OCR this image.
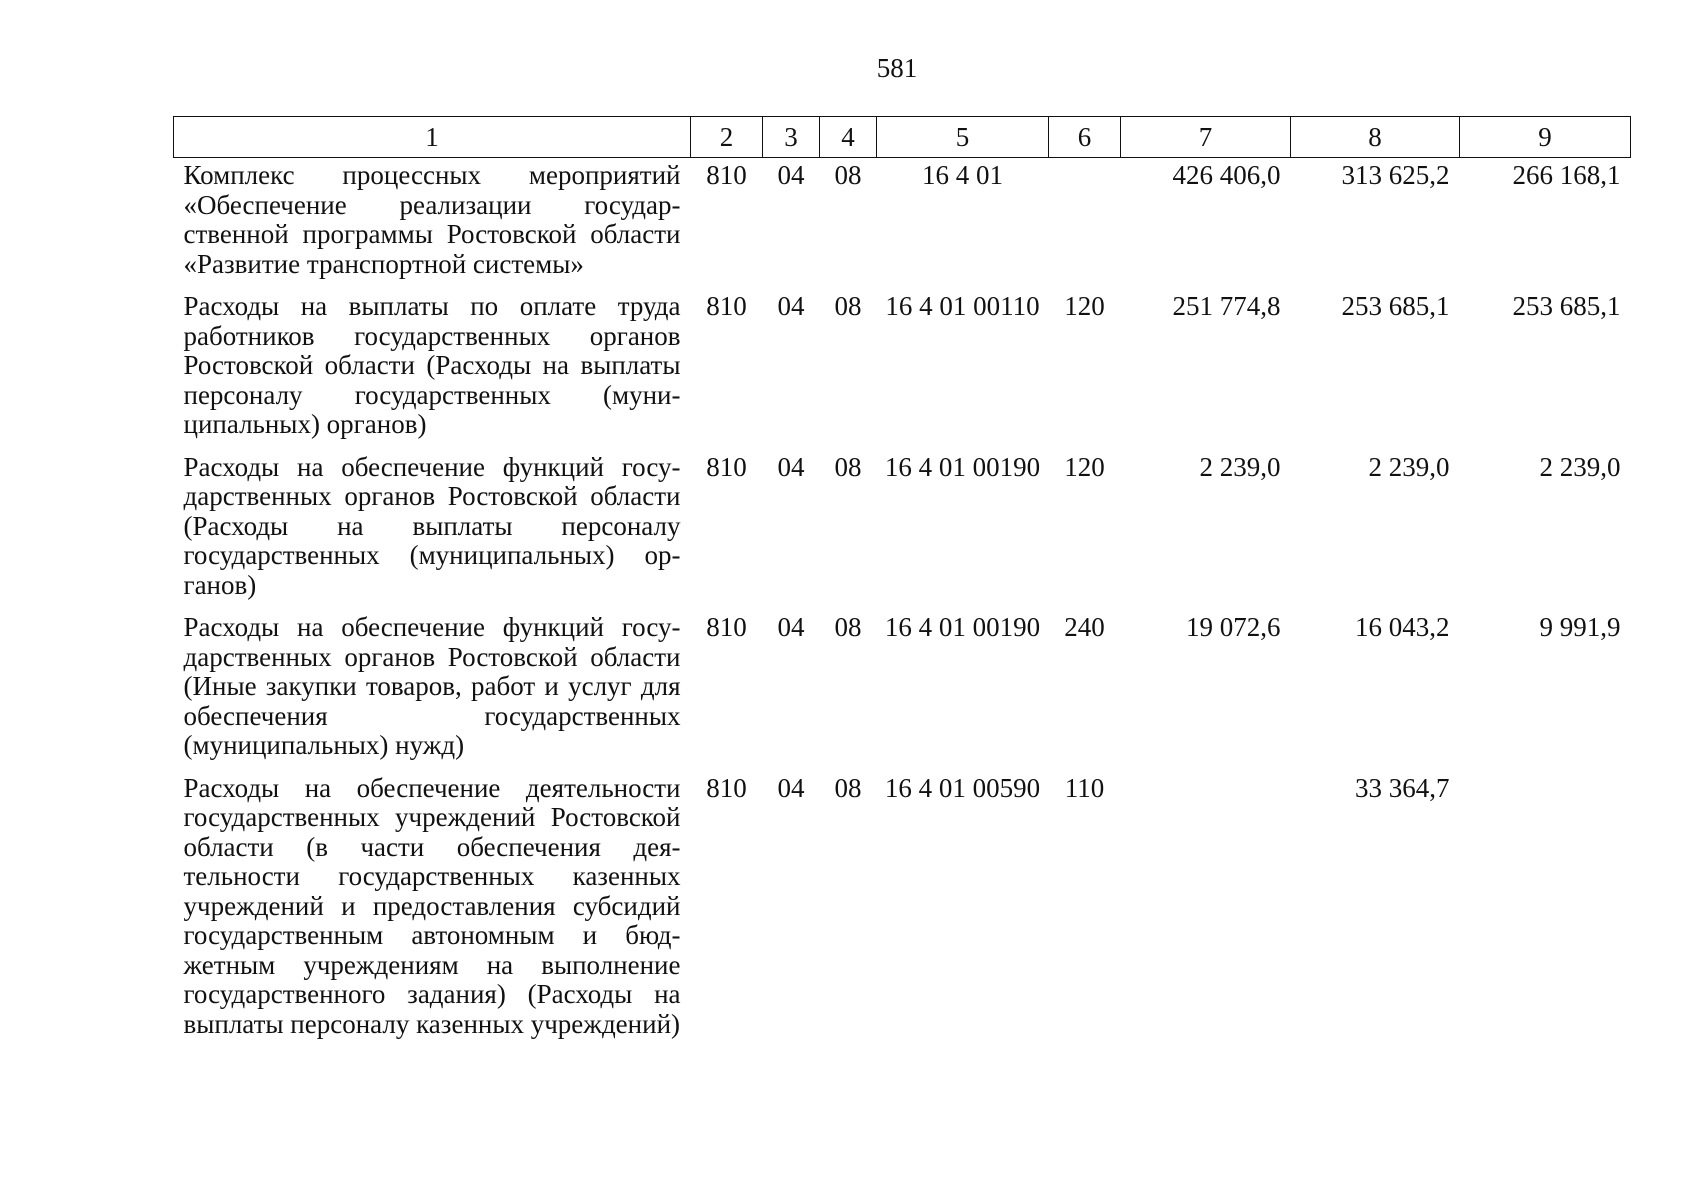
581
1	2	3	4	5	6	7	8	9
Комплекс процессных мероприятий «Обеспечение реализации государственной программы Ростовской области «Развитие транспортной системы»	810	04	08	16 4 01		426 406,0	313 625,2	266 168,1
Расходы на выплаты по оплате труда работников государственных органов Ростовской области (Расходы на выплаты персоналу государственных (муниципальных) органов)	810	04	08	16 4 01 00110	120	251 774,8	253 685,1	253 685,1
Расходы на обеспечение функций государственных органов Ростовской области (Расходы на выплаты персоналу государственных (муниципальных) органов)	810	04	08	16 4 01 00190	120	2 239,0	2 239,0	2 239,0
Расходы на обеспечение функций государственных органов Ростовской области (Иные закупки товаров, работ и услуг для обеспечения государственных (муниципальных) нужд)	810	04	08	16 4 01 00190	240	19 072,6	16 043,2	9 991,9
Расходы на обеспечение деятельности государственных учреждений Ростовской области (в части обеспечения деятельности государственных казенных учреждений и предоставления субсидий государственным автономным и бюджетным учреждениям на выполнение государственного задания) (Расходы на выплаты персоналу казенных учреждений)	810	04	08	16 4 01 00590	110		33 364,7	
